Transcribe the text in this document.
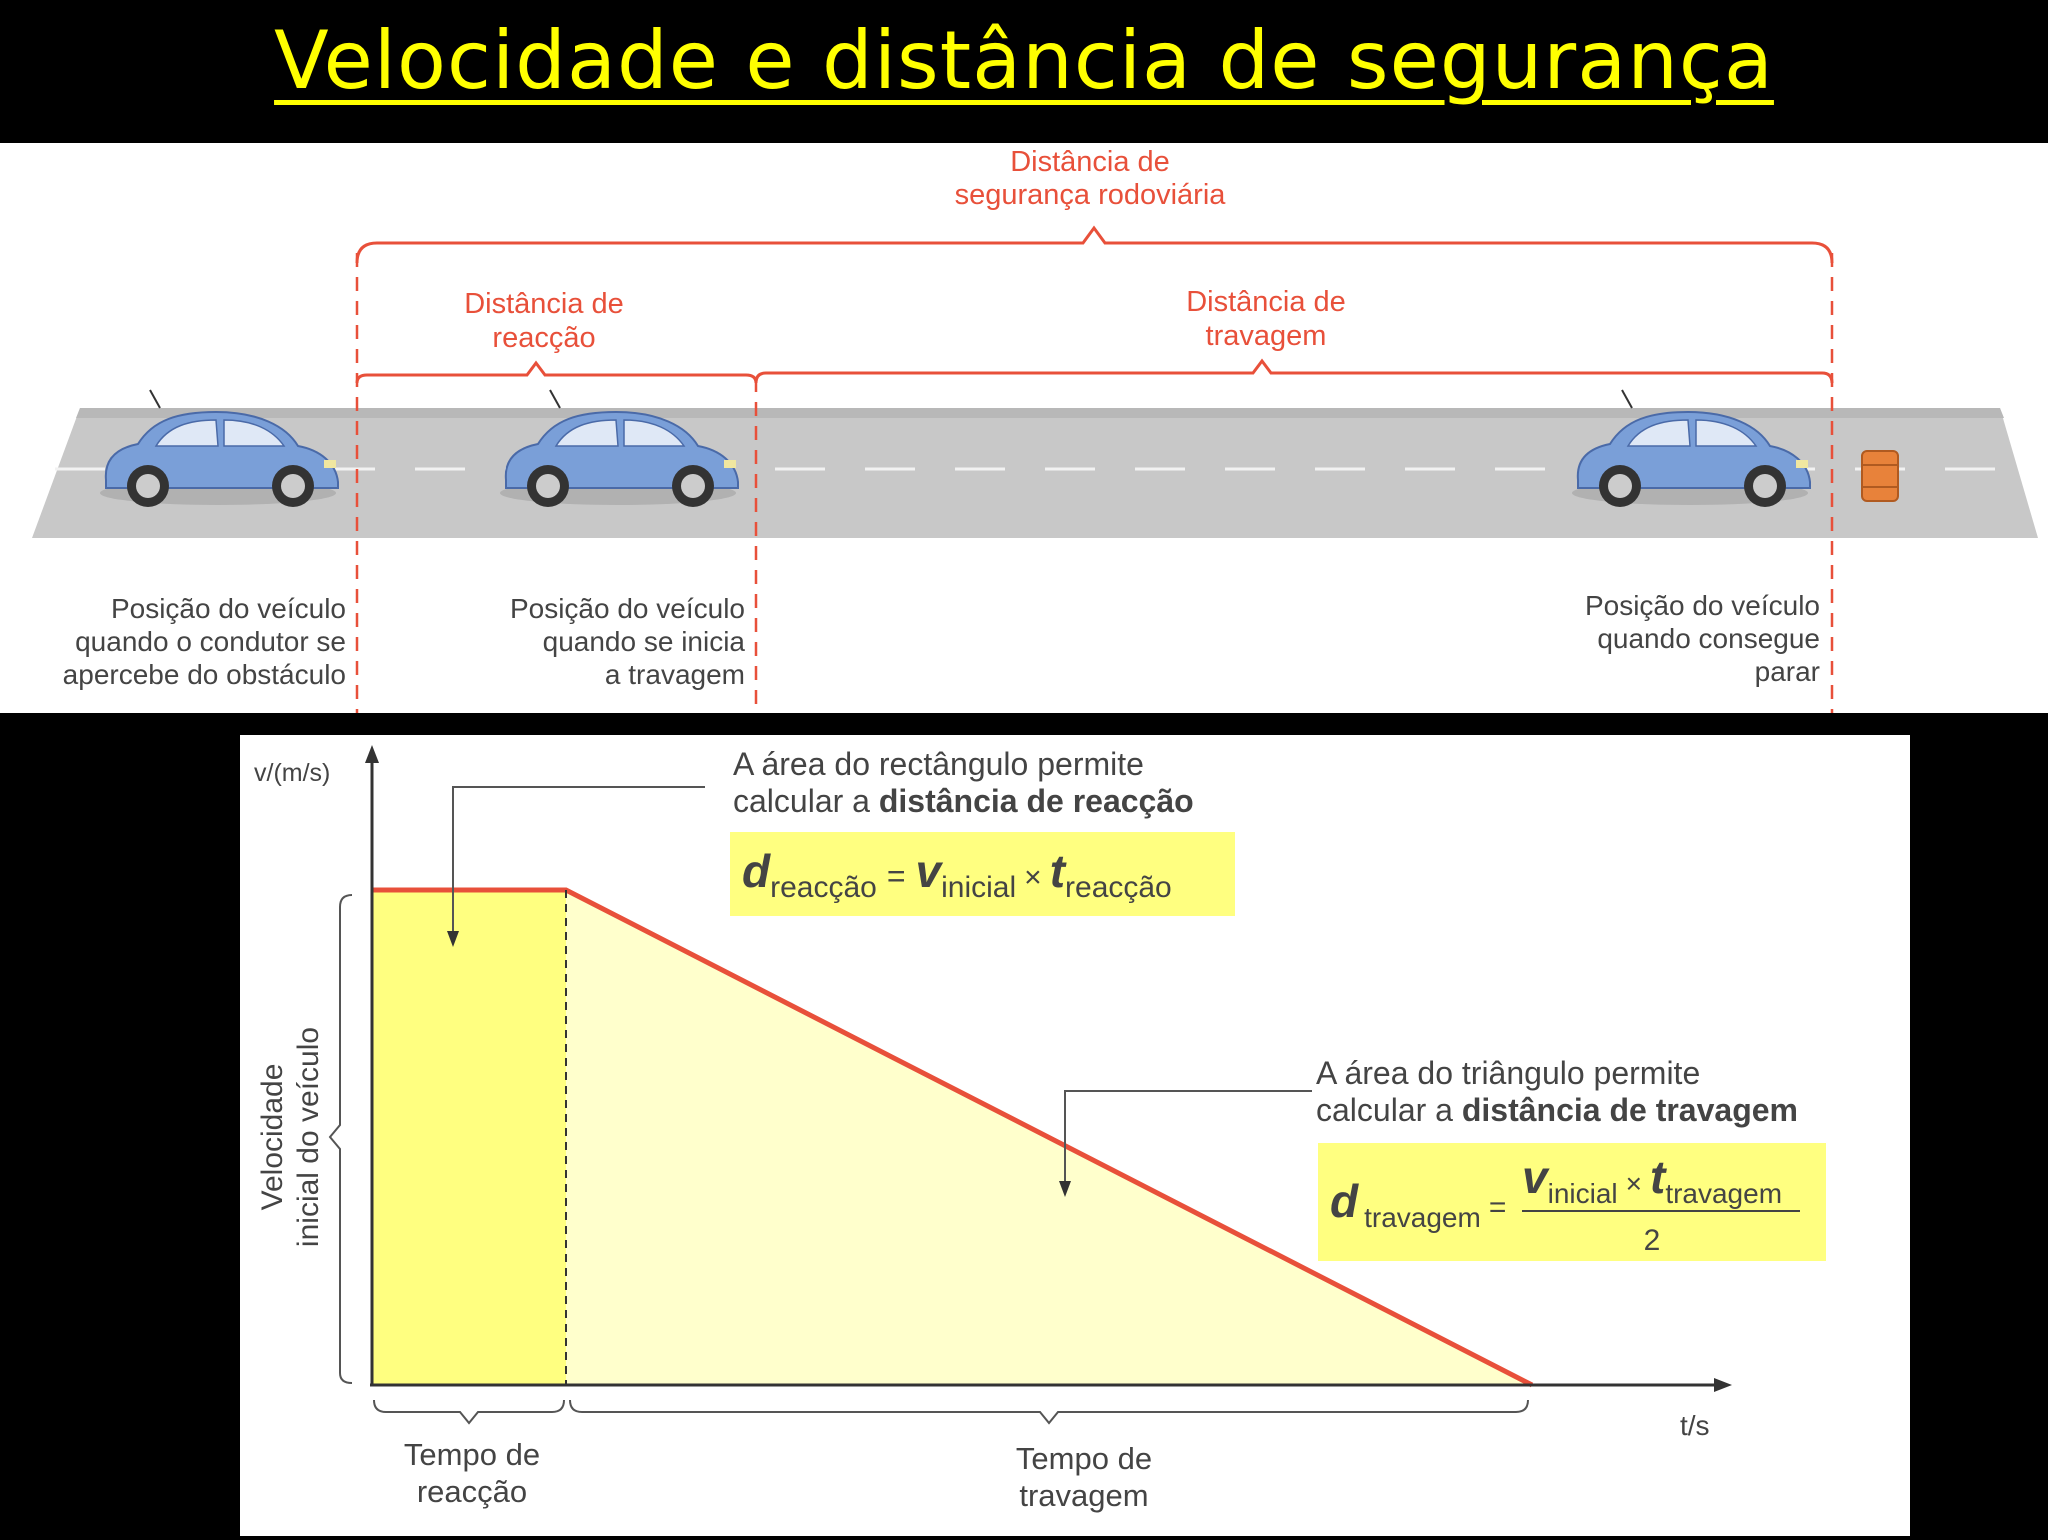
Velocidade e distância de segurança
Distância de
segurança rodoviária
Distância de
reacção
Distância de
travagem
Posição do veículo
quando o condutor se
apercebe do obstáculo
Posição do veículo
quando se inicia
a travagem
Posição do veículo
quando consegue
parar
v/(m/s)
t/s
Velocidade inicial do veículo
Tempo de
reacção
Tempo de
travagem
A área do rectângulo permite
calcular a distância de reacção
dreacção = vinicial × treacção
A área do triângulo permite
calcular a distância de travagem
dtravagem =
vinicial × ttravagem
2
